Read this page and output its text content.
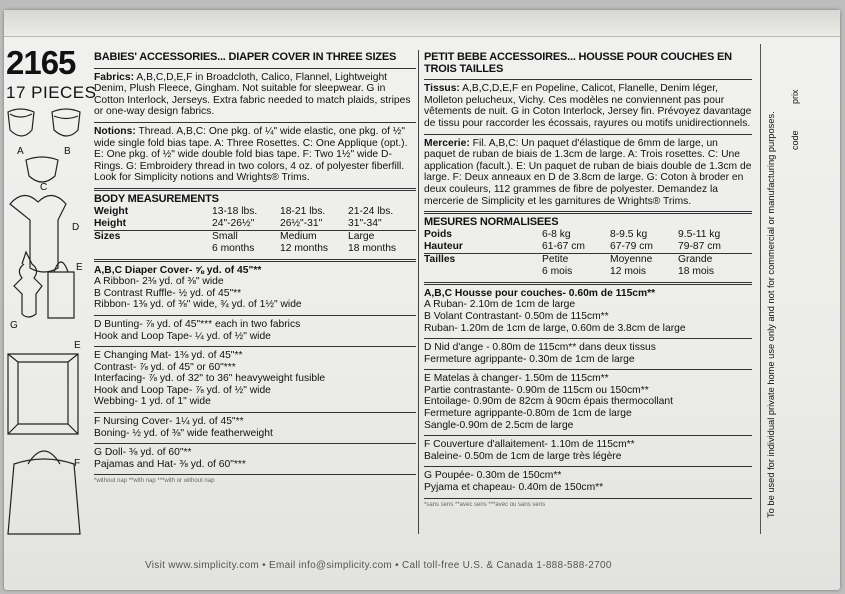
2165
17 PIECES
A	B
C
D
E
G
E
F
BABIES' ACCESSORIES... DIAPER COVER IN THREE SIZES

Fabrics: A,B,C,D,E,F in Broadcloth, Calico, Flannel, Lightweight Denim, Plush Fleece, Gingham. Not suitable for sleepwear. G in Cotton Interlock, Jerseys. Extra fabric needed to match plaids, stripes or one-way design fabrics.

Notions: Thread. A,B,C: One pkg. of ¼" wide elastic, one pkg. of ½" wide single fold bias tape. A: Three Rosettes. C: One Applique (opt.). E: One pkg. of ½" wide double fold bias tape. F: Two 1½" wide D-Rings. G: Embroidery thread in two colors, 4 oz. of polyester fiberfill. Look for Simplicity notions and Wrights® Trims.

BODY MEASUREMENTS
Weight	13-18 lbs.	18-21 lbs.	21-24 lbs.
Height	24"-26½"	26½"-31"	31"-34"
Sizes	Small	Medium	Large
	6 months	12 months	18 months

A,B,C Diaper Cover- ⅝ yd. of 45"**
A Ribbon- 2⅜ yd. of ⅜" wide
B Contrast Ruffle- ½ yd. of 45"**
Ribbon- 1⅜ yd. of ⅜" wide, ¾ yd. of 1½" wide

D Bunting- ⅞ yd. of 45"*** each in two fabrics
Hook and Loop Tape- ¼ yd. of ½" wide

E Changing Mat- 1⅜ yd. of 45"**
Contrast- ⅞ yd. of 45" or 60"***
Interfacing- ⅞ yd. of 32" to 36" heavyweight fusible
Hook and Loop Tape- ⅞ yd. of ½" wide
Webbing- 1 yd. of 1" wide

F Nursing Cover- 1¼ yd. of 45"**
Boning- ½ yd. of ⅜" wide featherweight

G Doll- ⅜ yd. of 60"**
Pajamas and Hat- ⅜ yd. of 60"***

*without nap **with nap ***with or without nap
PETIT BEBE ACCESSOIRES... HOUSSE POUR COUCHES EN TROIS TAILLES

Tissus: A,B,C,D,E,F en Popeline, Calicot, Flanelle, Denim léger, Molleton pelucheux, Vichy. Ces modèles ne conviennent pas pour vêtements de nuit. G in Coton Interlock, Jersey fin. Prévoyez davantage de tissu pour raccorder les écossais, rayures ou motifs unidirectionnels.

Mercerie: Fil. A,B,C: Un paquet d'élastique de 6mm de large, un paquet de ruban de biais de 1.3cm de large. A: Trois rosettes. C: Une application (facult.). E: Un paquet de ruban de biais double de 1.3cm de large. F: Deux anneaux en D de 3.8cm de large. G: Coton à broder en deux couleurs, 112 grammes de fibre de polyester. Demandez la mercerie de Simplicity et les garnitures de Wrights® Trims.

MESURES NORMALISEES
Poids	6-8 kg	8-9.5 kg	9.5-11 kg
Hauteur	61-67 cm	67-79 cm	79-87 cm
Tailles	Petite	Moyenne	Grande
	6 mois	12 mois	18 mois

A,B,C Housse pour couches- 0.60m de 115cm**
A Ruban- 2.10m de 1cm de large
B Volant Contrastant- 0.50m de 115cm**
Ruban- 1.20m de 1cm de large, 0.60m de 3.8cm de large

D Nid d'ange - 0.80m de 115cm** dans deux tissus
Fermeture agrippante- 0.30m de 1cm de large

E Matelas à changer- 1.50m de 115cm**
Partie contrastante- 0.90m de 115cm ou 150cm**
Entoilage- 0.90m de 82cm à 90cm épais thermocollant
Fermeture agrippante-0.80m de 1cm de large
Sangle-0.90m de 2.5cm de large

F Couverture d'allaitement- 1.10m de 115cm**
Baleine- 0.50m de 1cm de large très légère

G Poupée- 0.30m de 150cm**
Pyjama et chapeau- 0.40m de 150cm**

*sans sens **avec sens ***avec ou sans sens	To be used for individual private home use only and not for commercial or manufacturing purposes. code
prix
Visit www.simplicity.com • Email info@simplicity.com • Call toll-free U.S. & Canada 1-888-588-2700
